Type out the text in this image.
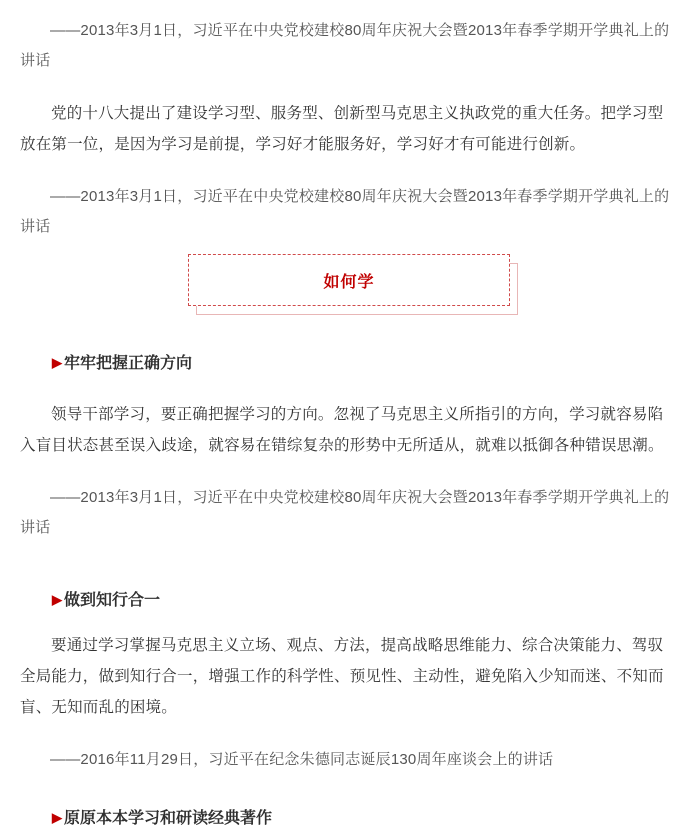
——2013年3月1日，习近平在中央党校建校80周年庆祝大会暨2013年春季学期开学典礼上的讲话

党的十八大提出了建设学习型、服务型、创新型马克思主义执政党的重大任务。把学习型放在第一位，是因为学习是前提，学习好才能服务好，学习好才有可能进行创新。

——2013年3月1日，习近平在中央党校建校80周年庆祝大会暨2013年春季学期开学典礼上的讲话

如何学

▶ 牢牢把握正确方向

领导干部学习，要正确把握学习的方向。忽视了马克思主义所指引的方向，学习就容易陷入盲目状态甚至误入歧途，就容易在错综复杂的形势中无所适从，就难以抵御各种错误思潮。

——2013年3月1日，习近平在中央党校建校80周年庆祝大会暨2013年春季学期开学典礼上的讲话

▶ 做到知行合一

要通过学习掌握马克思主义立场、观点、方法，提高战略思维能力、综合决策能力、驾驭全局能力，做到知行合一，增强工作的科学性、预见性、主动性，避免陷入少知而迷、不知而盲、无知而乱的困境。

——2016年11月29日，习近平在纪念朱德同志诞辰130周年座谈会上的讲话

▶ 原原本本学习和研读经典著作
